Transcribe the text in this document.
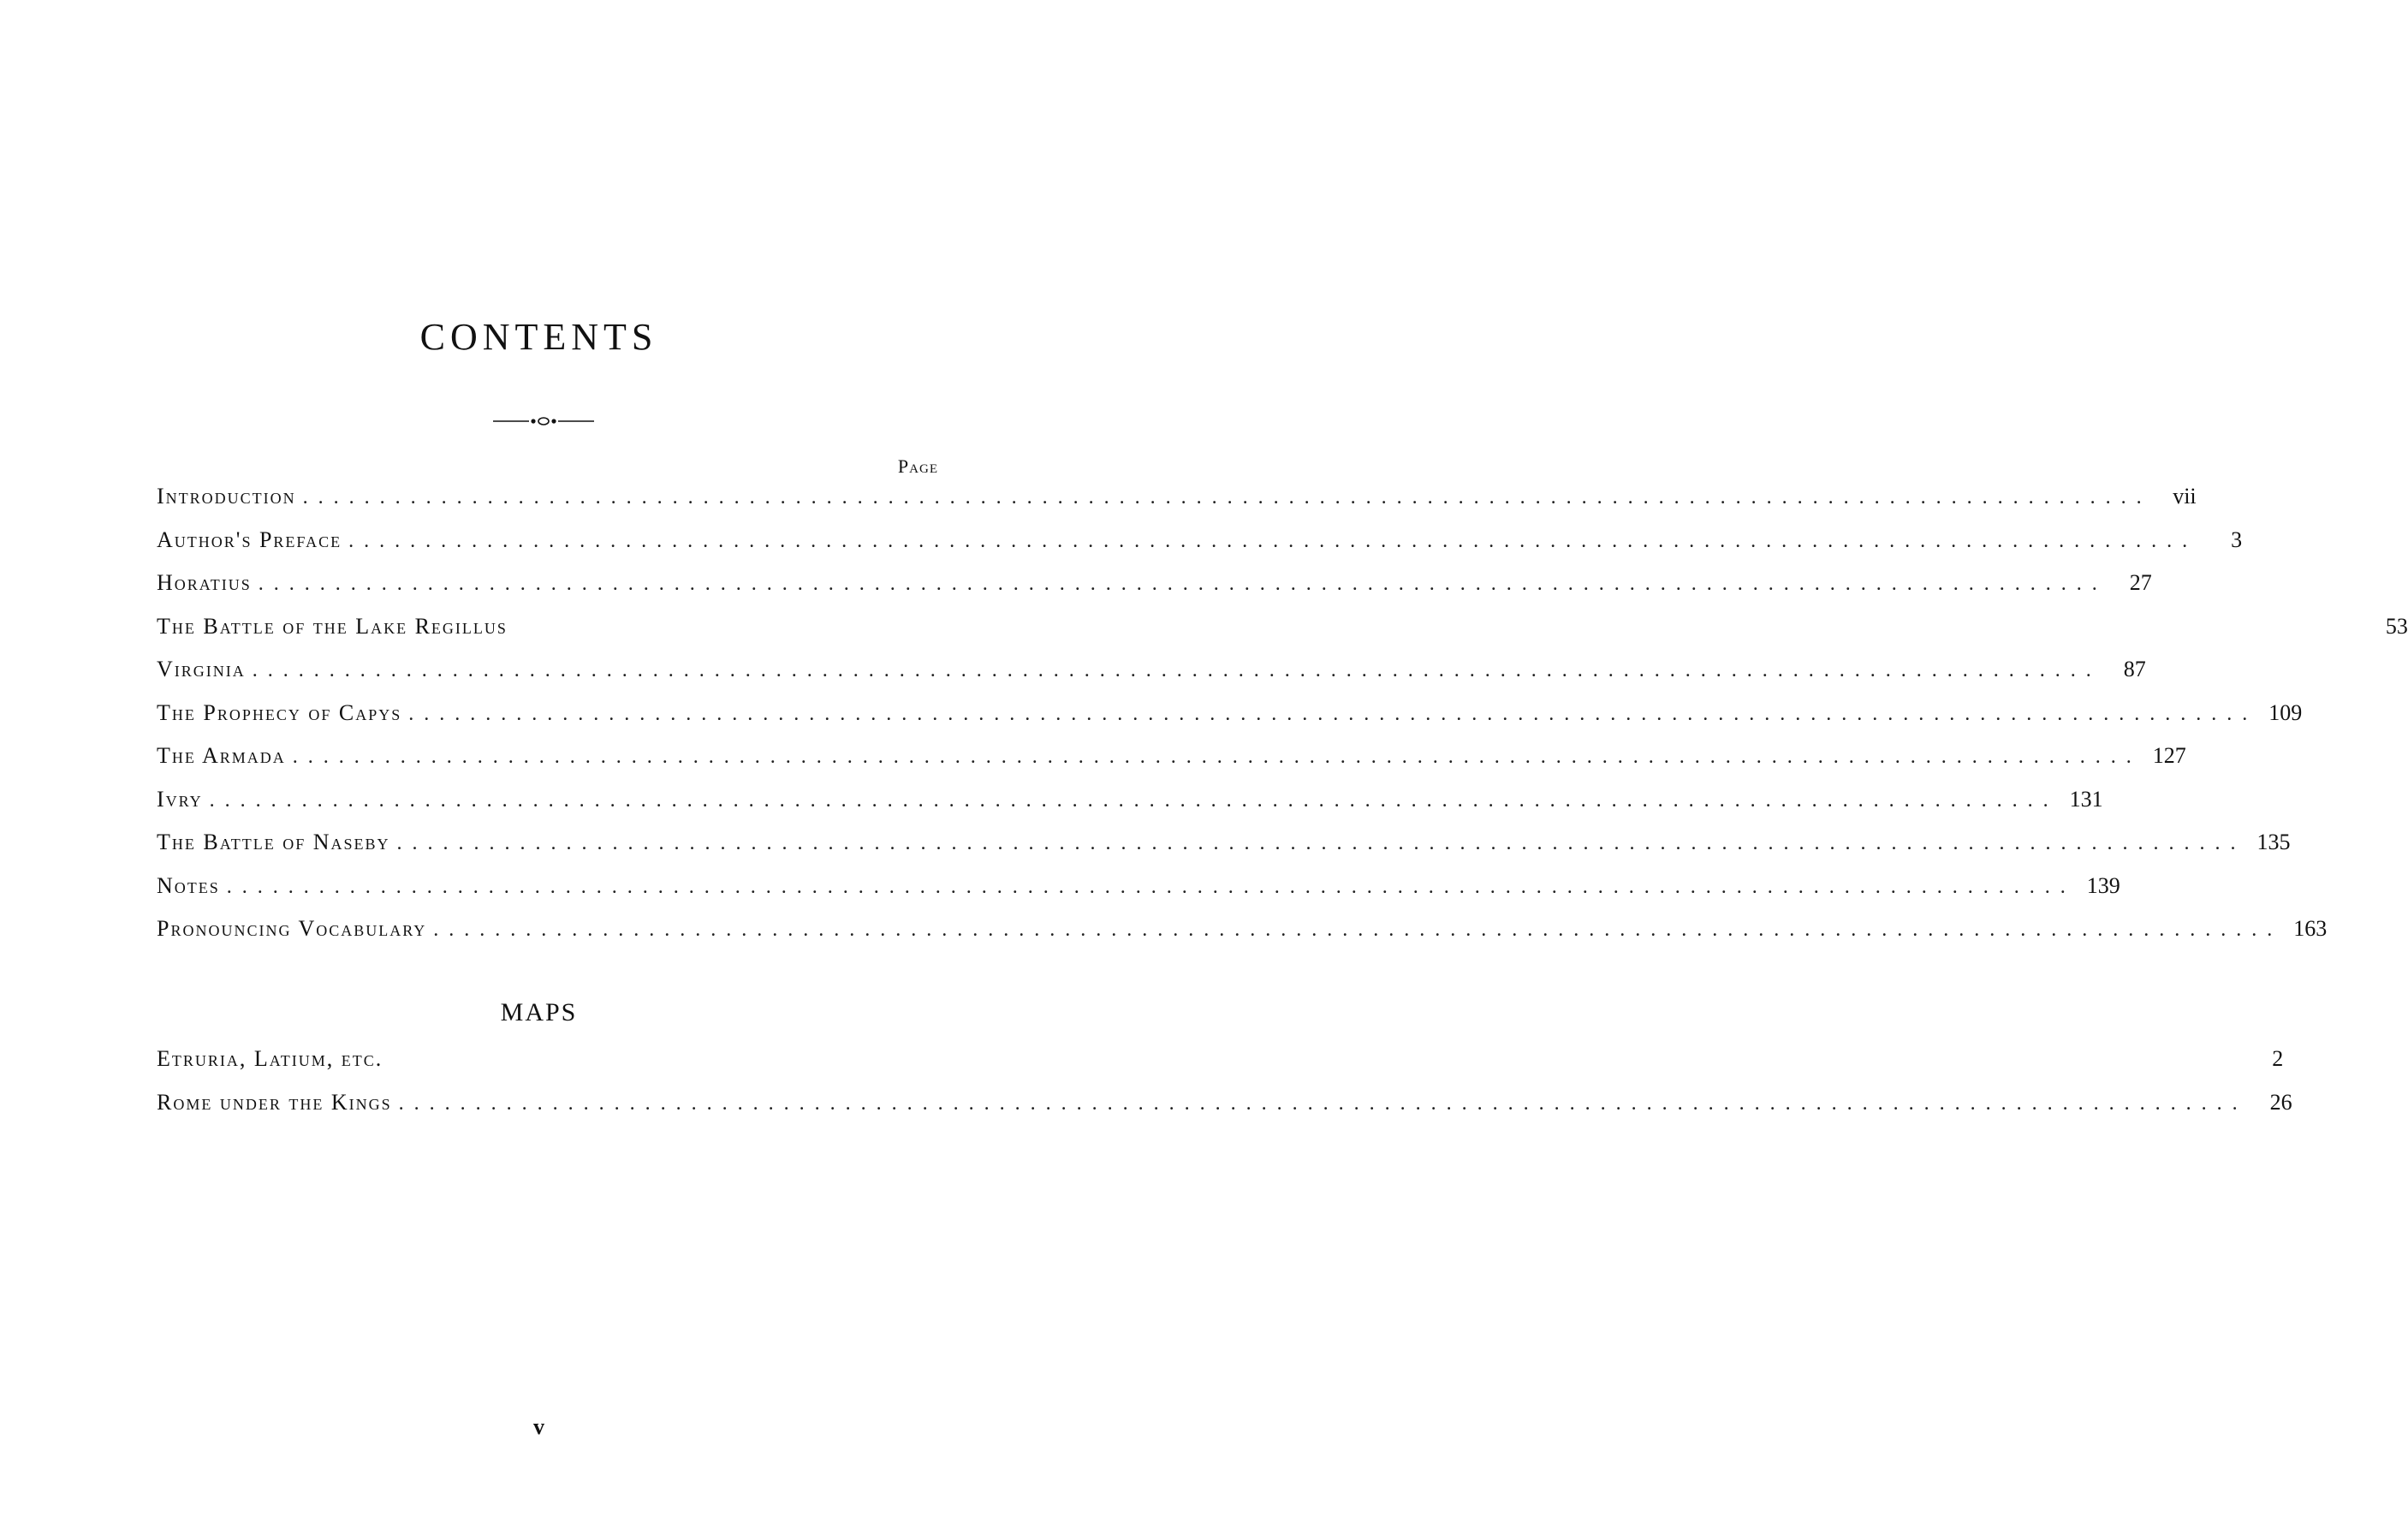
CONTENTS
Page
Introduction ........................................................................................................................ vii
Author's Preface ........................................................................................................................	3
Horatius ........................................................................................................................	27
The Battle of the Lake Regillus	53
Virginia ........................................................................................................................	87
The Prophecy of Capys ........................................................................................................................ 109
The Armada ........................................................................................................................ 127
Ivry ........................................................................................................................ 131
The Battle of Naseby ........................................................................................................................ 135
Notes ........................................................................................................................ 139
Pronouncing Vocabulary ........................................................................................................................ 163
MAPS
Etruria, Latium, etc.	2
Rome under the Kings ........................................................................................................................	26
v
